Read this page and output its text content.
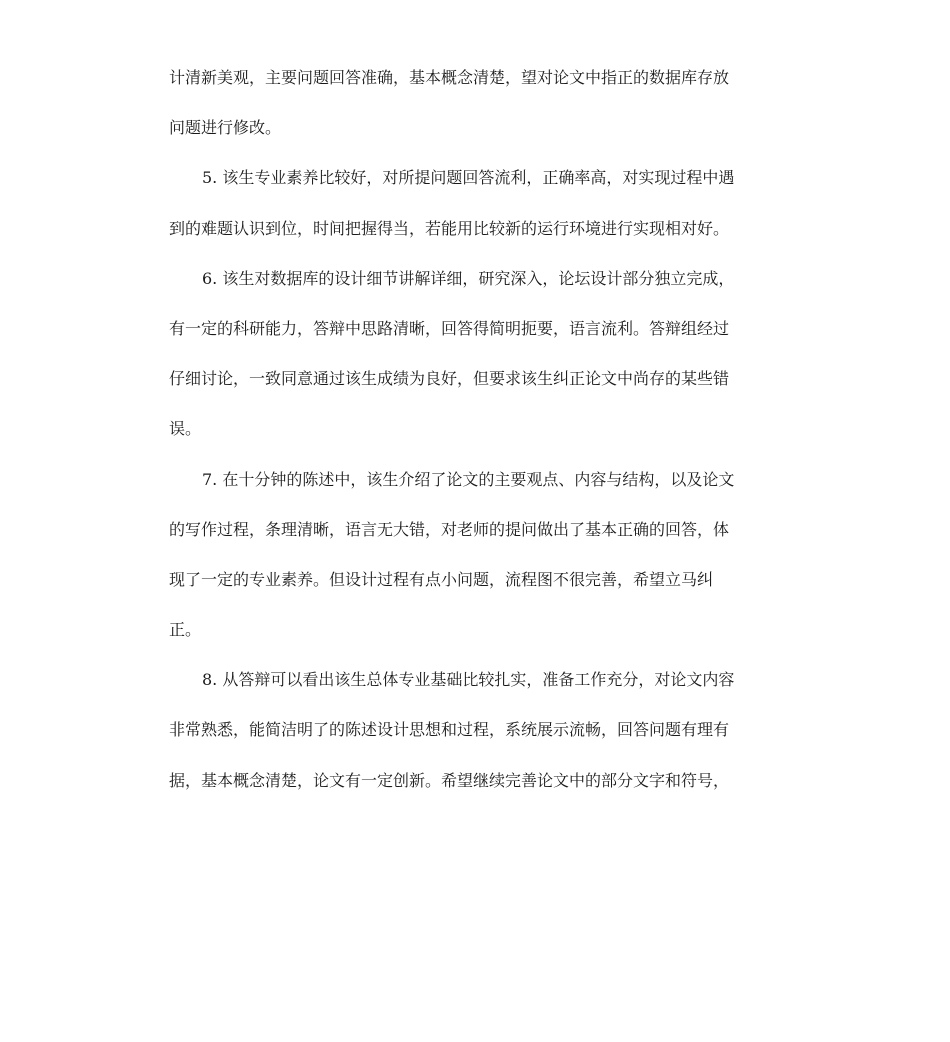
计清新美观，主要问题回答准确，基本概念清楚，望对论文中指正的数据库存放
问题进行修改。
5. 该生专业素养比较好，对所提问题回答流利，正确率高，对实现过程中遇
到的难题认识到位，时间把握得当，若能用比较新的运行环境进行实现相对好。
6. 该生对数据库的设计细节讲解详细，研究深入，论坛设计部分独立完成，
有一定的科研能力，答辩中思路清晰，回答得简明扼要，语言流利。答辩组经过
仔细讨论，一致同意通过该生成绩为良好，但要求该生纠正论文中尚存的某些错
误。
7. 在十分钟的陈述中，该生介绍了论文的主要观点、内容与结构，以及论文
的写作过程，条理清晰，语言无大错，对老师的提问做出了基本正确的回答，体
现了一定的专业素养。但设计过程有点小问题，流程图不很完善，希望立马纠
正。
8. 从答辩可以看出该生总体专业基础比较扎实，准备工作充分，对论文内容
非常熟悉，能简洁明了的陈述设计思想和过程，系统展示流畅，回答问题有理有
据，基本概念清楚，论文有一定创新。希望继续完善论文中的部分文字和符号，
